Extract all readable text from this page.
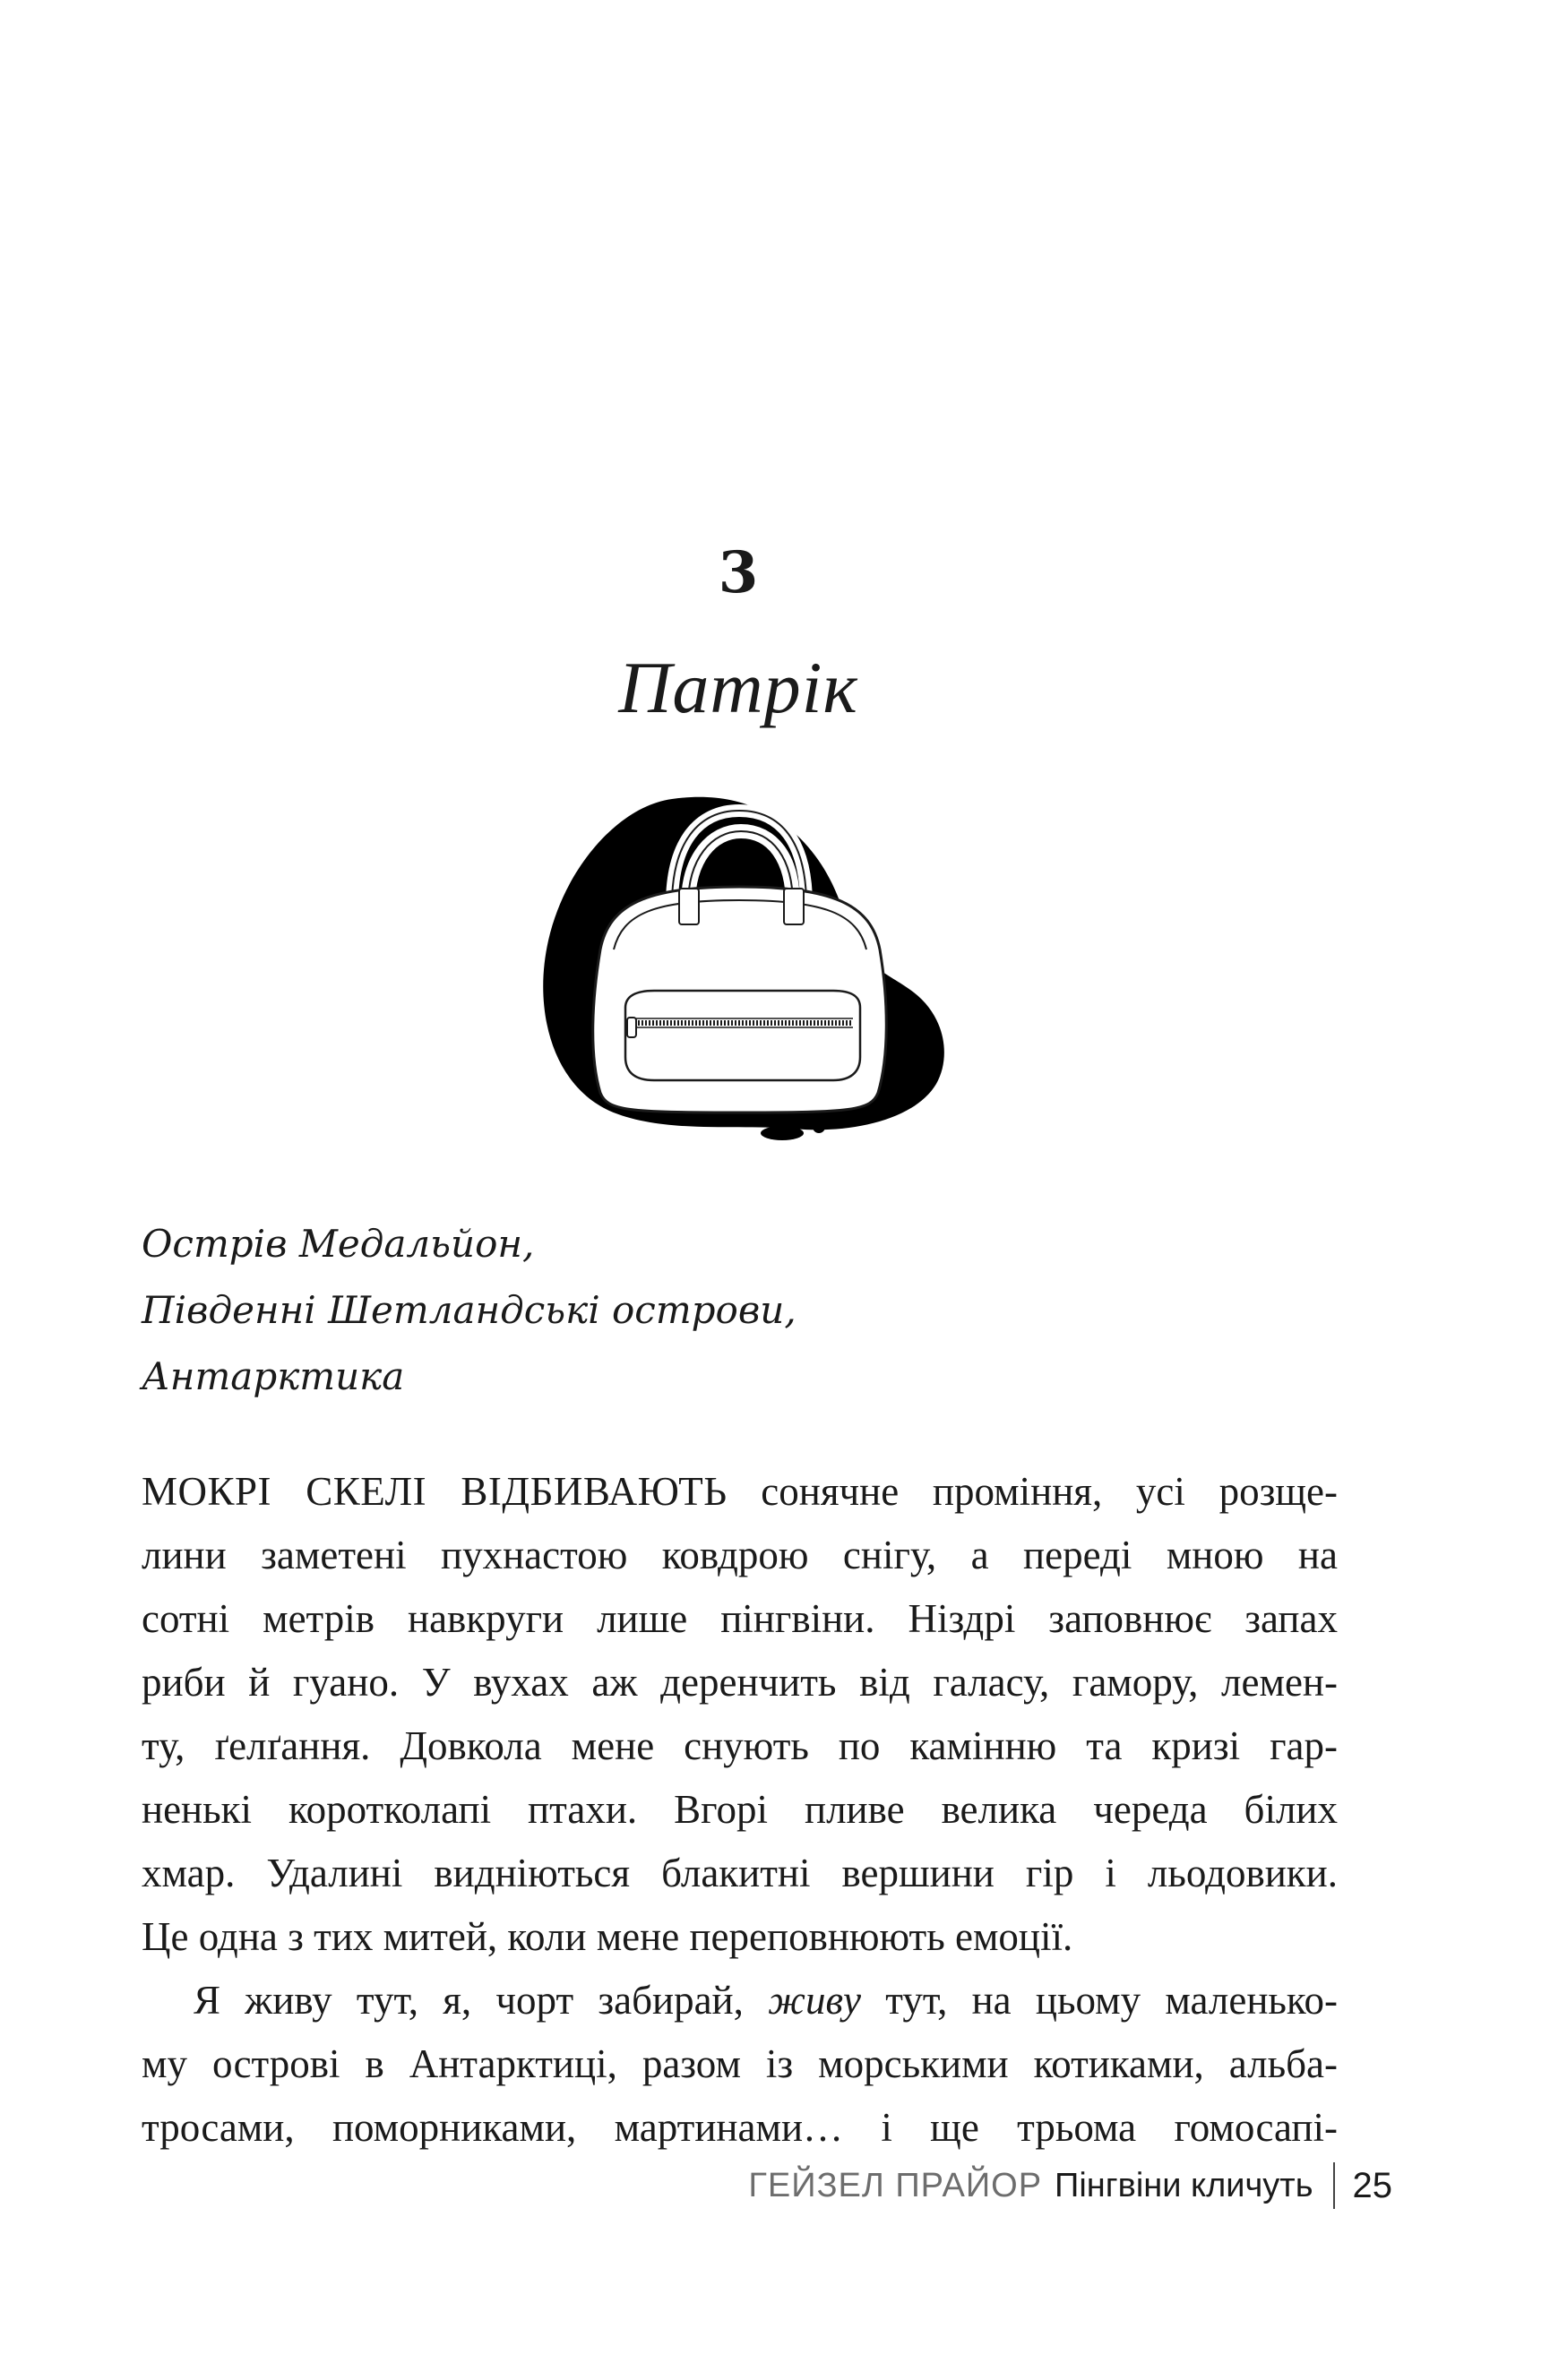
3
Патрік
Острів Медальйон,
Південні Шетландські острови,
Антарктика
МОКРІ СКЕЛІ ВІДБИВАЮТЬ сонячне проміння, усі розще-
лини заметені пухнастою ковдрою снігу, а переді мною на
сотні метрів навкруги лише пінгвіни. Ніздрі заповнює запах
риби й гуано. У вухах аж деренчить від галасу, гамору, лемен-
ту, ґелґання. Довкола мене снують по камінню та кризі гар-
ненькі коротколапі птахи. Вгорі пливе велика череда білих
хмар. Удалині видніються блакитні вершини гір і льодовики.
Це одна з тих митей, коли мене переповнюють емоції.
Я живу тут, я, чорт забирай, живу тут, на цьому маленько-
му острові в Антарктиці, разом із морськими котиками, альба-
тросами, поморниками, мартинами… і ще трьома гомосапі-
ГЕЙЗЕЛ ПРАЙОР Пінгвіни кличуть 25
